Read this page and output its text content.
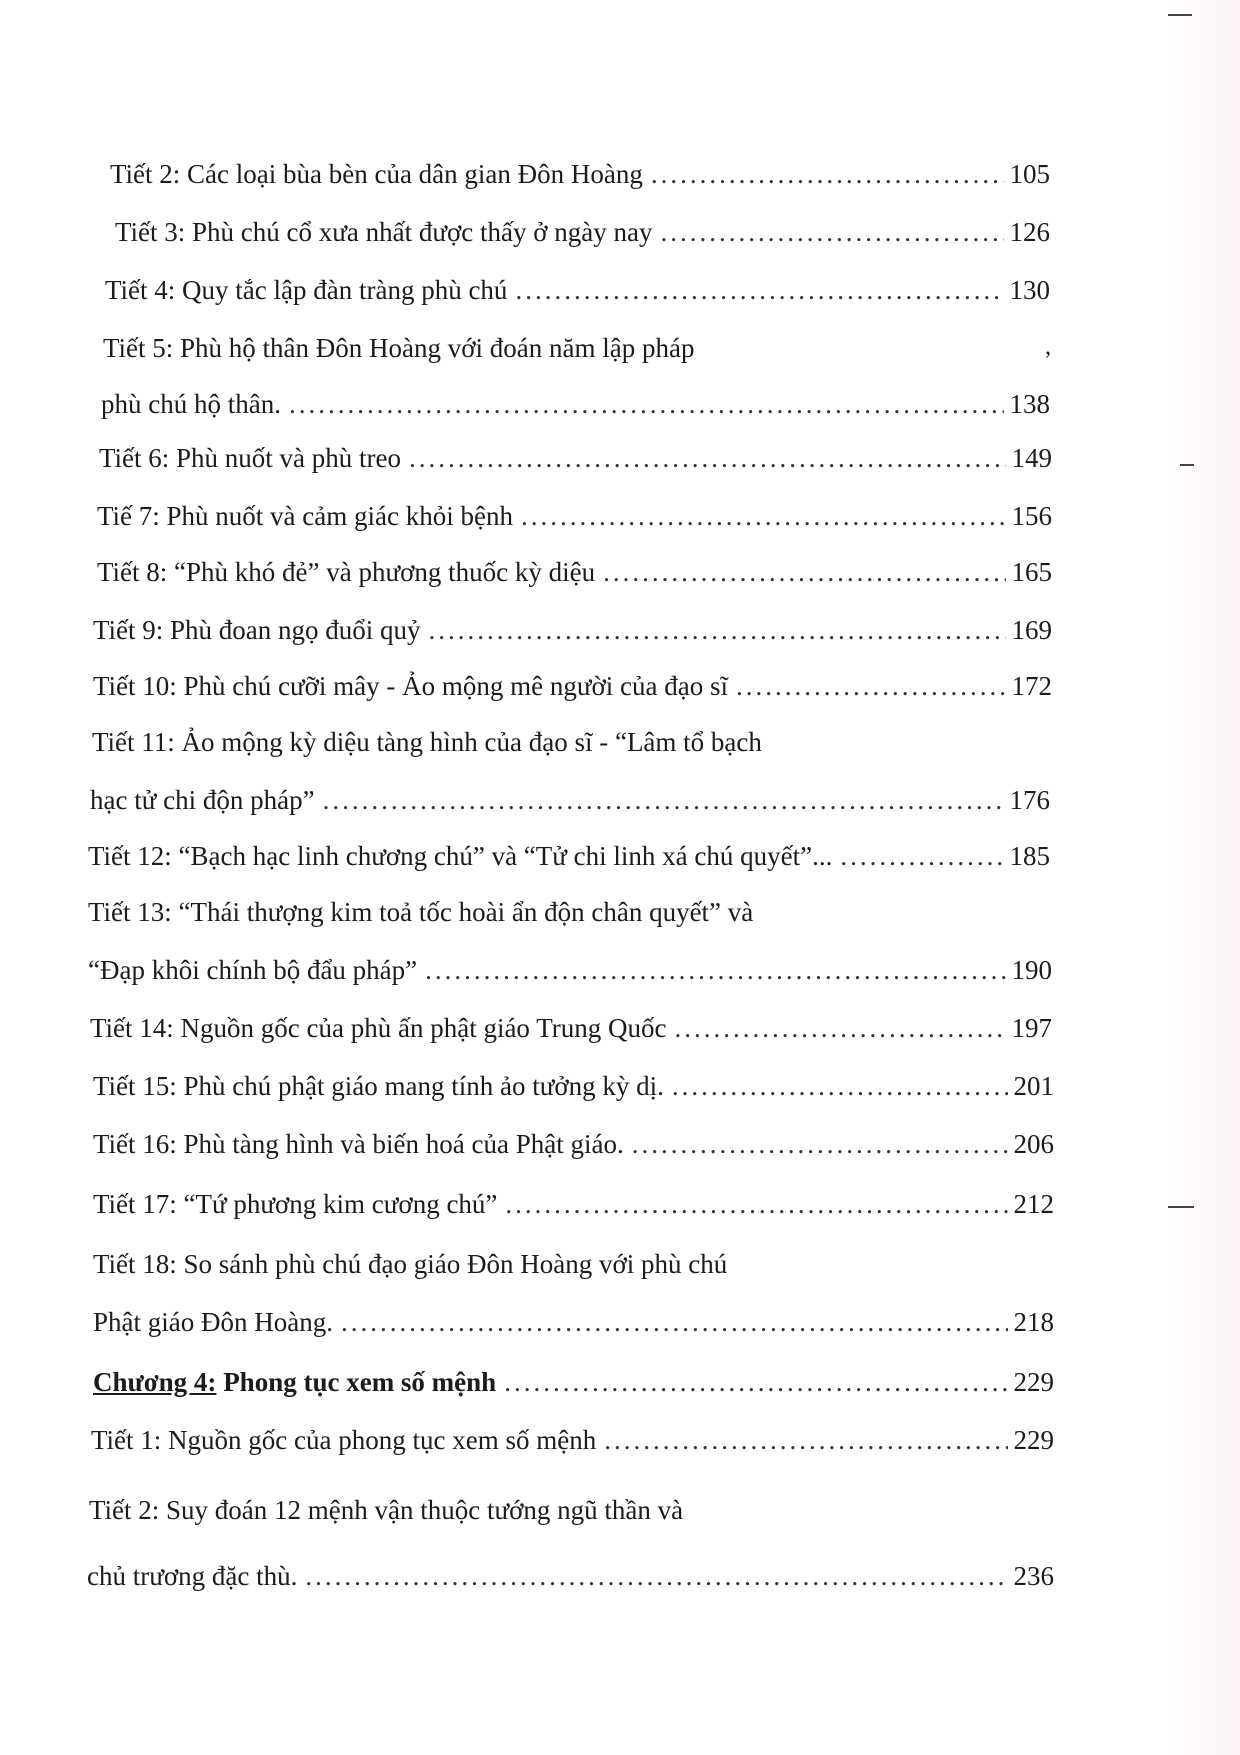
Tiết 2: Các loại bùa bèn của dân gian Đôn Hoàng .....	105
Tiết 3: Phù chú cổ xưa nhất được thấy ở ngày nay .....	126
Tiết 4: Quy tắc lập đàn tràng phù chú .....	130
Tiết 5: Phù hộ thân Đôn Hoàng với đoán năm lập pháp	,
phù chú hộ thân. .....	138
Tiết 6: Phù nuốt và phù treo .....	149
Tiế 7: Phù nuốt và cảm giác khỏi bệnh .....	156
Tiết 8: “Phù khó đẻ” và phương thuốc kỳ diệu .....	165
Tiết 9: Phù đoan ngọ đuổi quỷ .....	169
Tiết 10: Phù chú cưỡi mây - Ảo mộng mê người của đạo sĩ .....	172
Tiết 11: Ảo mộng kỳ diệu tàng hình của đạo sĩ - “Lâm tổ bạch
hạc tử chi độn pháp” .....	176
Tiết 12: “Bạch hạc linh chương chú” và “Tử chi linh xá chú quyết”... .....	185
Tiết 13: “Thái thượng kim toả tốc hoài ẩn độn chân quyết” và
“Đạp khôi chính bộ đẩu pháp” .....	190
Tiết 14: Nguồn gốc của phù ấn phật giáo Trung Quốc .....	197
Tiết 15: Phù chú phật giáo mang tính ảo tưởng kỳ dị. .....	201
Tiết 16: Phù tàng hình và biến hoá của Phật giáo. .....	206
Tiết 17: “Tứ phương kim cương chú” .....	212
Tiết 18: So sánh phù chú đạo giáo Đôn Hoàng với phù chú
Phật giáo Đôn Hoàng. .....	218
Chương 4: Phong tục xem số mệnh .....	229
Tiết 1: Nguồn gốc của phong tục xem số mệnh .....	229
Tiết 2: Suy đoán 12 mệnh vận thuộc tướng ngũ thần và
chủ trương đặc thù. .....	236
